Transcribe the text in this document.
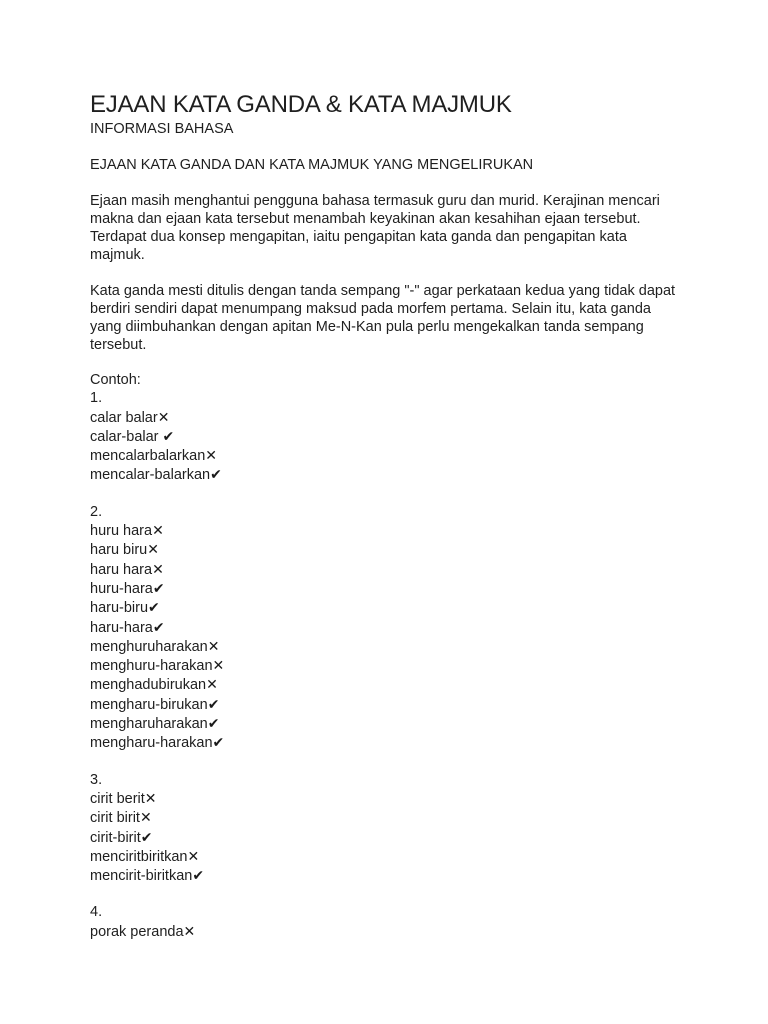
EJAAN KATA GANDA & KATA MAJMUK
INFORMASI BAHASA
EJAAN KATA GANDA DAN KATA MAJMUK YANG MENGELIRUKAN

Ejaan masih menghantui pengguna bahasa termasuk guru dan murid. Kerajinan mencari makna dan ejaan kata tersebut menambah keyakinan akan kesahihan ejaan tersebut. Terdapat dua konsep mengapitan, iaitu pengapitan kata ganda dan pengapitan kata majmuk.

Kata ganda mesti ditulis dengan tanda sempang "-" agar perkataan kedua yang tidak dapat berdiri sendiri dapat menumpang maksud pada morfem pertama. Selain itu, kata ganda yang diimbuhankan dengan apitan Me-N-Kan pula perlu mengekalkan tanda sempang tersebut.

Contoh:
1.
calar balar✕
calar-balar ✔
mencalarbalarkan✕
mencalar-balarkan✔
2.
huru hara✕
haru biru✕
haru hara✕
huru-hara✔
haru-biru✔
haru-hara✔
menghuruharakan✕
menghuru-harakan✕
menghadubirukan✕
mengharu-birukan✔
mengharuharakan✔
mengharu-harakan✔
3.
cirit berit✕
cirit birit✕
cirit-birit✔
menciritbiritkan✕
mencirit-biritkan✔
4.
porak peranda✕
